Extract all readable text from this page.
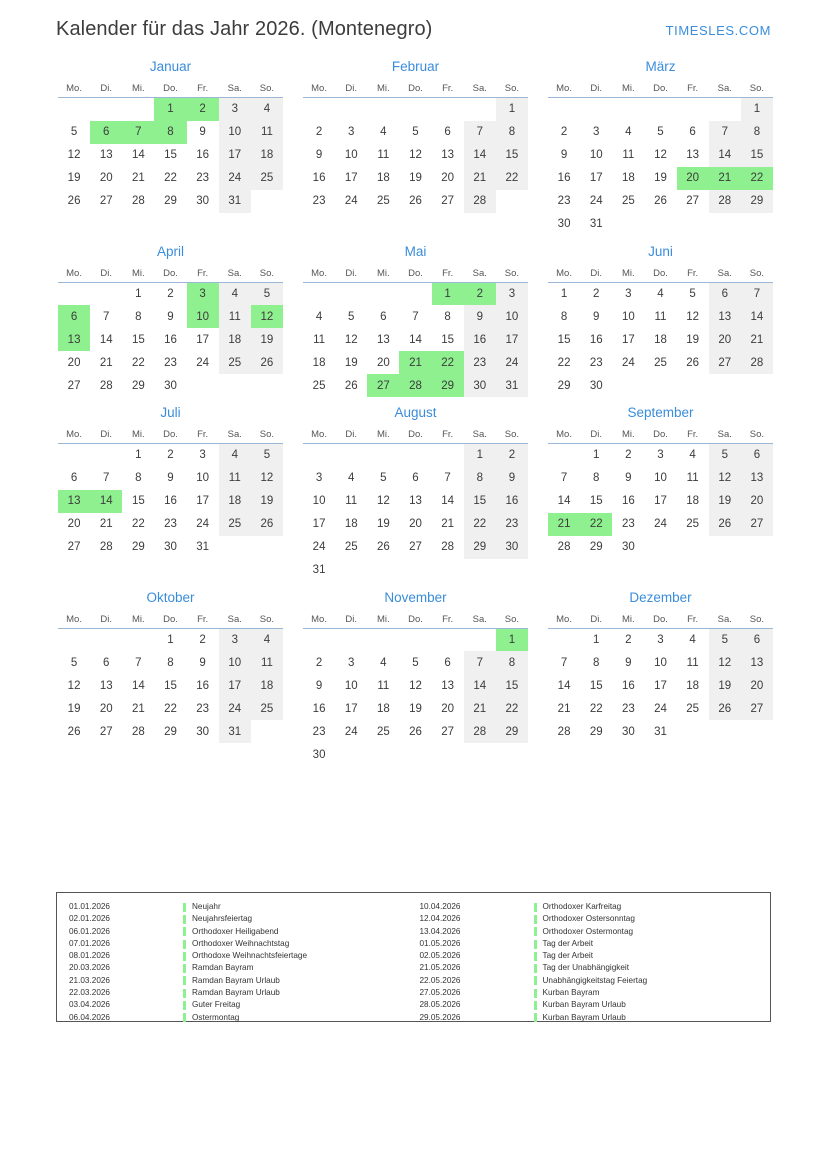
Kalender für das Jahr 2026. (Montenegro)	TIMESLES.COM
Januar
Mo.	Di.	Mi.	Do.	Fr.	Sa.	So.
			1	2	3	4
5	6	7	8	9	10	11
12	13	14	15	16	17	18
19	20	21	22	23	24	25
26	27	28	29	30	31	
Februar
Mo.	Di.	Mi.	Do.	Fr.	Sa.	So.
						1
2	3	4	5	6	7	8
9	10	11	12	13	14	15
16	17	18	19	20	21	22
23	24	25	26	27	28	
März
Mo.	Di.	Mi.	Do.	Fr.	Sa.	So.
						1
2	3	4	5	6	7	8
9	10	11	12	13	14	15
16	17	18	19	20	21	22
23	24	25	26	27	28	29
30	31					
April
Mo.	Di.	Mi.	Do.	Fr.	Sa.	So.
		1	2	3	4	5
6	7	8	9	10	11	12
13	14	15	16	17	18	19
20	21	22	23	24	25	26
27	28	29	30			
Mai
Mo.	Di.	Mi.	Do.	Fr.	Sa.	So.
				1	2	3
4	5	6	7	8	9	10
11	12	13	14	15	16	17
18	19	20	21	22	23	24
25	26	27	28	29	30	31
Juni
Mo.	Di.	Mi.	Do.	Fr.	Sa.	So.
1	2	3	4	5	6	7
8	9	10	11	12	13	14
15	16	17	18	19	20	21
22	23	24	25	26	27	28
29	30					
Juli
Mo.	Di.	Mi.	Do.	Fr.	Sa.	So.
		1	2	3	4	5
6	7	8	9	10	11	12
13	14	15	16	17	18	19
20	21	22	23	24	25	26
27	28	29	30	31		
August
Mo.	Di.	Mi.	Do.	Fr.	Sa.	So.
					1	2
3	4	5	6	7	8	9
10	11	12	13	14	15	16
17	18	19	20	21	22	23
24	25	26	27	28	29	30
31						
September
Mo.	Di.	Mi.	Do.	Fr.	Sa.	So.
	1	2	3	4	5	6
7	8	9	10	11	12	13
14	15	16	17	18	19	20
21	22	23	24	25	26	27
28	29	30				
Oktober
Mo.	Di.	Mi.	Do.	Fr.	Sa.	So.
			1	2	3	4
5	6	7	8	9	10	11
12	13	14	15	16	17	18
19	20	21	22	23	24	25
26	27	28	29	30	31	
November
Mo.	Di.	Mi.	Do.	Fr.	Sa.	So.
						1
2	3	4	5	6	7	8
9	10	11	12	13	14	15
16	17	18	19	20	21	22
23	24	25	26	27	28	29
30						
Dezember
Mo.	Di.	Mi.	Do.	Fr.	Sa.	So.
	1	2	3	4	5	6
7	8	9	10	11	12	13
14	15	16	17	18	19	20
21	22	23	24	25	26	27
28	29	30	31			
01.01.2026	Neujahr
02.01.2026	Neujahrsfeiertag
06.01.2026	Orthodoxer Heiligabend
07.01.2026	Orthodoxer Weihnachtstag
08.01.2026	Orthodoxe Weihnachtsfeiertage
20.03.2026	Ramdan Bayram
21.03.2026	Ramdan Bayram Urlaub
22.03.2026	Ramdan Bayram Urlaub
03.04.2026	Guter Freitag
06.04.2026	Ostermontag
10.04.2026	Orthodoxer Karfreitag
12.04.2026	Orthodoxer Ostersonntag
13.04.2026	Orthodoxer Ostermontag
01.05.2026	Tag der Arbeit
02.05.2026	Tag der Arbeit
21.05.2026	Tag der Unabhängigkeit
22.05.2026	Unabhängigkeitstag Feiertag
27.05.2026	Kurban Bayram
28.05.2026	Kurban Bayram Urlaub
29.05.2026	Kurban Bayram Urlaub
